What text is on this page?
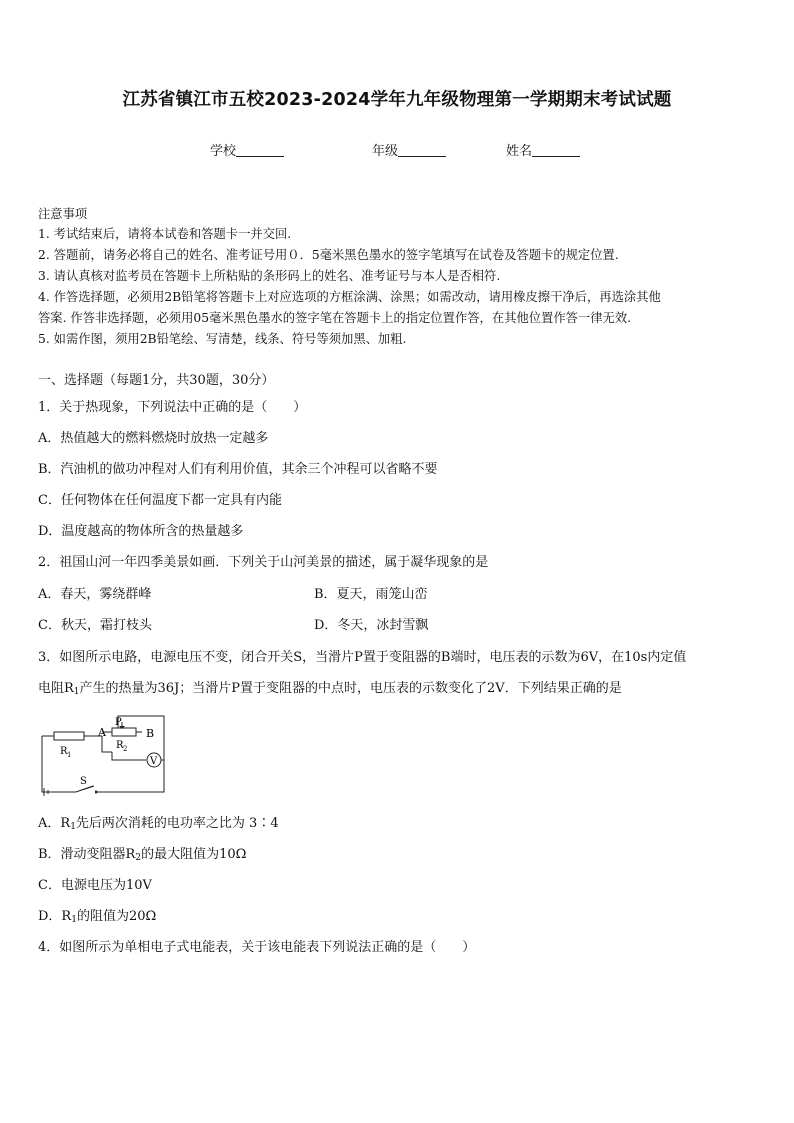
江苏省镇江市五校2023-2024学年九年级物理第一学期期末考试试题
学校	年级	姓名
注意事项
1. 考试结束后，请将本试卷和答题卡一并交回.
2. 答题前，请务必将自己的姓名、准考证号用０．5毫米黑色墨水的签字笔填写在试卷及答题卡的规定位置.
3. 请认真核对监考员在答题卡上所粘贴的条形码上的姓名、准考证号与本人是否相符.
4. 作答选择题，必须用2B铅笔将答题卡上对应选项的方框涂满、涂黑；如需改动，请用橡皮擦干净后，再选涂其他
答案. 作答非选择题，必须用05毫米黑色墨水的签字笔在答题卡上的指定位置作答，在其他位置作答一律无效.
5. 如需作图，须用2B铅笔绘、写清楚，线条、符号等须加黑、加粗.
一、选择题（每题1分，共30题，30分）
1．关于热现象，下列说法中正确的是（　　）
A．热值越大的燃料燃烧时放热一定越多
B．汽油机的做功冲程对人们有利用价值，其余三个冲程可以省略不要
C．任何物体在任何温度下都一定具有内能
D．温度越高的物体所含的热量越多
2．祖国山河一年四季美景如画．下列关于山河美景的描述，属于凝华现象的是
A．春天，雾绕群峰	B．夏天，雨笼山峦
C．秋天，霜打枝头	D．冬天，冰封雪飘
3．如图所示电路，电源电压不变，闭合开关S，当滑片P置于变阻器的B端时，电压表的示数为6V，在10s内定值
电阻$R_1$产生的热量为36J；当滑片P置于变阻器的中点时，电压表的示数变化了2V．下列结果正确的是
A	B
P
R 1
R 2
V
S
A．$R_1$先后两次消耗的电功率之比为 3∶4
B．滑动变阻器$R_2$的最大阻值为10Ω
C．电源电压为10V
D．$R_1$的阻值为20Ω
4．如图所示为单相电子式电能表，关于该电能表下列说法正确的是（　　）
